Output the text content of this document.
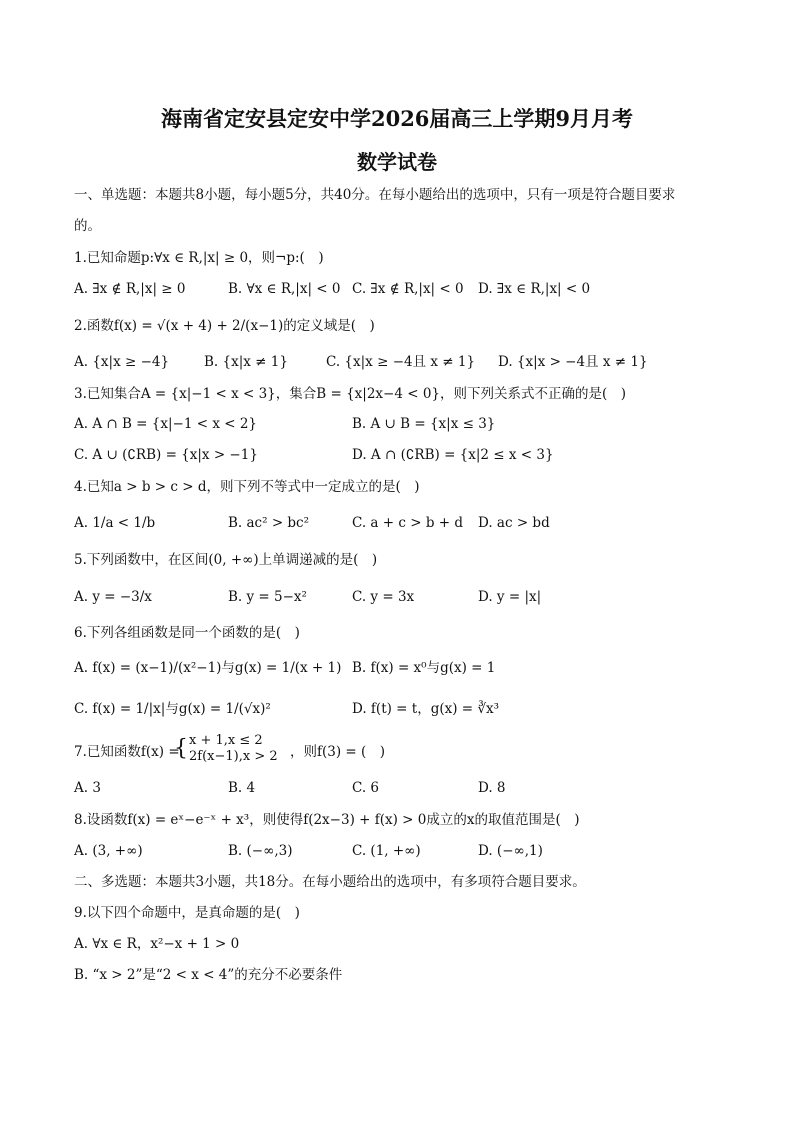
海南省定安县定安中学2026届高三上学期9月月考
数学试卷
一、单选题：本题共8小题，每小题5分，共40分。在每小题给出的选项中，只有一项是符合题目要求
的。
1.已知命题p:∀x ∈ R,|x| ≥ 0，则¬p:(　)
A. ∃x ∉ R,|x| ≥ 0	B. ∀x ∈ R,|x| < 0 C. ∃x ∉ R,|x| < 0 D. ∃x ∈ R,|x| < 0
2.函数f(x) = √(x + 4) + 2/(x−1)的定义域是(　)
A. {x|x ≥ −4}	B. {x|x ≠ 1}	C. {x|x ≥ −4且 x ≠ 1} D. {x|x > −4且 x ≠ 1}
3.已知集合A = {x|−1 < x < 3}，集合B = {x|2x−4 < 0}，则下列关系式不正确的是(　)
A. A ∩ B = {x|−1 < x < 2}	B. A ∪ B = {x|x ≤ 3}
C. A ∪ (∁RB) = {x|x > −1}	D. A ∩ (∁RB) = {x|2 ≤ x < 3}
4.已知a > b > c > d，则下列不等式中一定成立的是(　)
A. 1/a < 1/b	B. ac² > bc²	C. a + c > b + d D. ac > bd
5.下列函数中，在区间(0, +∞)上单调递减的是(　)
A. y = −3/x	B. y = 5−x²	C. y = 3x	D. y = |x|
6.下列各组函数是同一个函数的是(　)
A. f(x) = (x−1)/(x²−1)与g(x) = 1/(x + 1) B. f(x) = x⁰与g(x) = 1
C. f(x) = 1/|x|与g(x) = 1/(√x)²	D. f(t) = t，g(x) = ∛x³
7.已知函数f(x) =
{ x + 1,x ≤ 2
2f(x−1),x > 2 ，则f(3) = (　)
A. 3	B. 4	C. 6	D. 8
8.设函数f(x) = eˣ−e⁻ˣ + x³，则使得f(2x−3) + f(x) > 0成立的x的取值范围是(　)
A. (3, +∞)	B. (−∞,3)	C. (1, +∞)	D. (−∞,1)
二、多选题：本题共3小题，共18分。在每小题给出的选项中，有多项符合题目要求。
9.以下四个命题中，是真命题的是(　)
A. ∀x ∈ R，x²−x + 1 > 0
B. “x > 2”是“2 < x < 4”的充分不必要条件
